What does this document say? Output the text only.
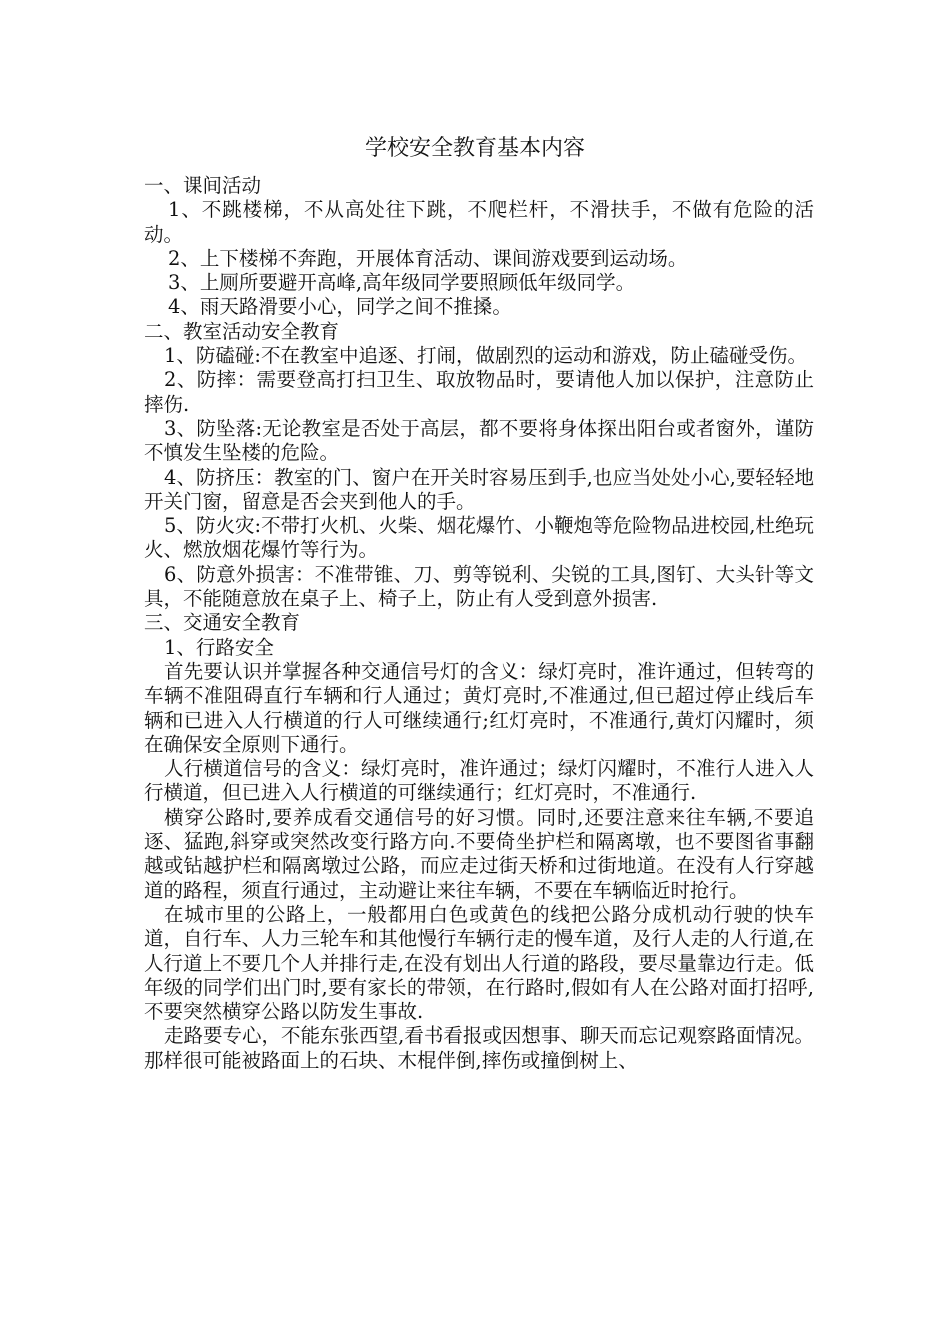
学校安全教育基本内容

一、课间活动

1、不跳楼梯，不从高处往下跳，不爬栏杆，不滑扶手，不做有危险的活动。

2、上下楼梯不奔跑，开展体育活动、课间游戏要到运动场。

3、上厕所要避开高峰,高年级同学要照顾低年级同学。

4、雨天路滑要小心，同学之间不推搡。

二、教室活动安全教育

1、防磕碰:不在教室中追逐、打闹，做剧烈的运动和游戏，防止磕碰受伤。

2、防摔：需要登高打扫卫生、取放物品时，要请他人加以保护，注意防止摔伤.

3、防坠落:无论教室是否处于高层，都不要将身体探出阳台或者窗外，谨防不慎发生坠楼的危险。

4、防挤压：教室的门、窗户在开关时容易压到手,也应当处处小心,要轻轻地开关门窗，留意是否会夹到他人的手。

5、防火灾:不带打火机、火柴、烟花爆竹、小鞭炮等危险物品进校园,杜绝玩火、燃放烟花爆竹等行为。

6、防意外损害：不准带锥、刀、剪等锐利、尖锐的工具,图钉、大头针等文具，不能随意放在桌子上、椅子上，防止有人受到意外损害.

三、交通安全教育

1、行路安全

首先要认识并掌握各种交通信号灯的含义：绿灯亮时，准许通过，但转弯的车辆不准阻碍直行车辆和行人通过；黄灯亮时,不准通过,但已超过停止线后车辆和已进入人行横道的行人可继续通行;红灯亮时，不准通行,黄灯闪耀时，须在确保安全原则下通行。

人行横道信号的含义：绿灯亮时，准许通过；绿灯闪耀时，不准行人进入人行横道，但已进入人行横道的可继续通行；红灯亮时，不准通行.

横穿公路时,要养成看交通信号的好习惯。同时,还要注意来往车辆,不要追逐、猛跑,斜穿或突然改变行路方向.不要倚坐护栏和隔离墩，也不要图省事翻越或钻越护栏和隔离墩过公路，而应走过街天桥和过街地道。在没有人行穿越道的路程，须直行通过，主动避让来往车辆，不要在车辆临近时抢行。

在城市里的公路上，一般都用白色或黄色的线把公路分成机动行驶的快车道，自行车、人力三轮车和其他慢行车辆行走的慢车道，及行人走的人行道,在人行道上不要几个人并排行走,在没有划出人行道的路段，要尽量靠边行走。低年级的同学们出门时,要有家长的带领，在行路时,假如有人在公路对面打招呼,不要突然横穿公路以防发生事故.

走路要专心，不能东张西望,看书看报或因想事、聊天而忘记观察路面情况。那样很可能被路面上的石块、木棍伴倒,摔伤或撞倒树上、
